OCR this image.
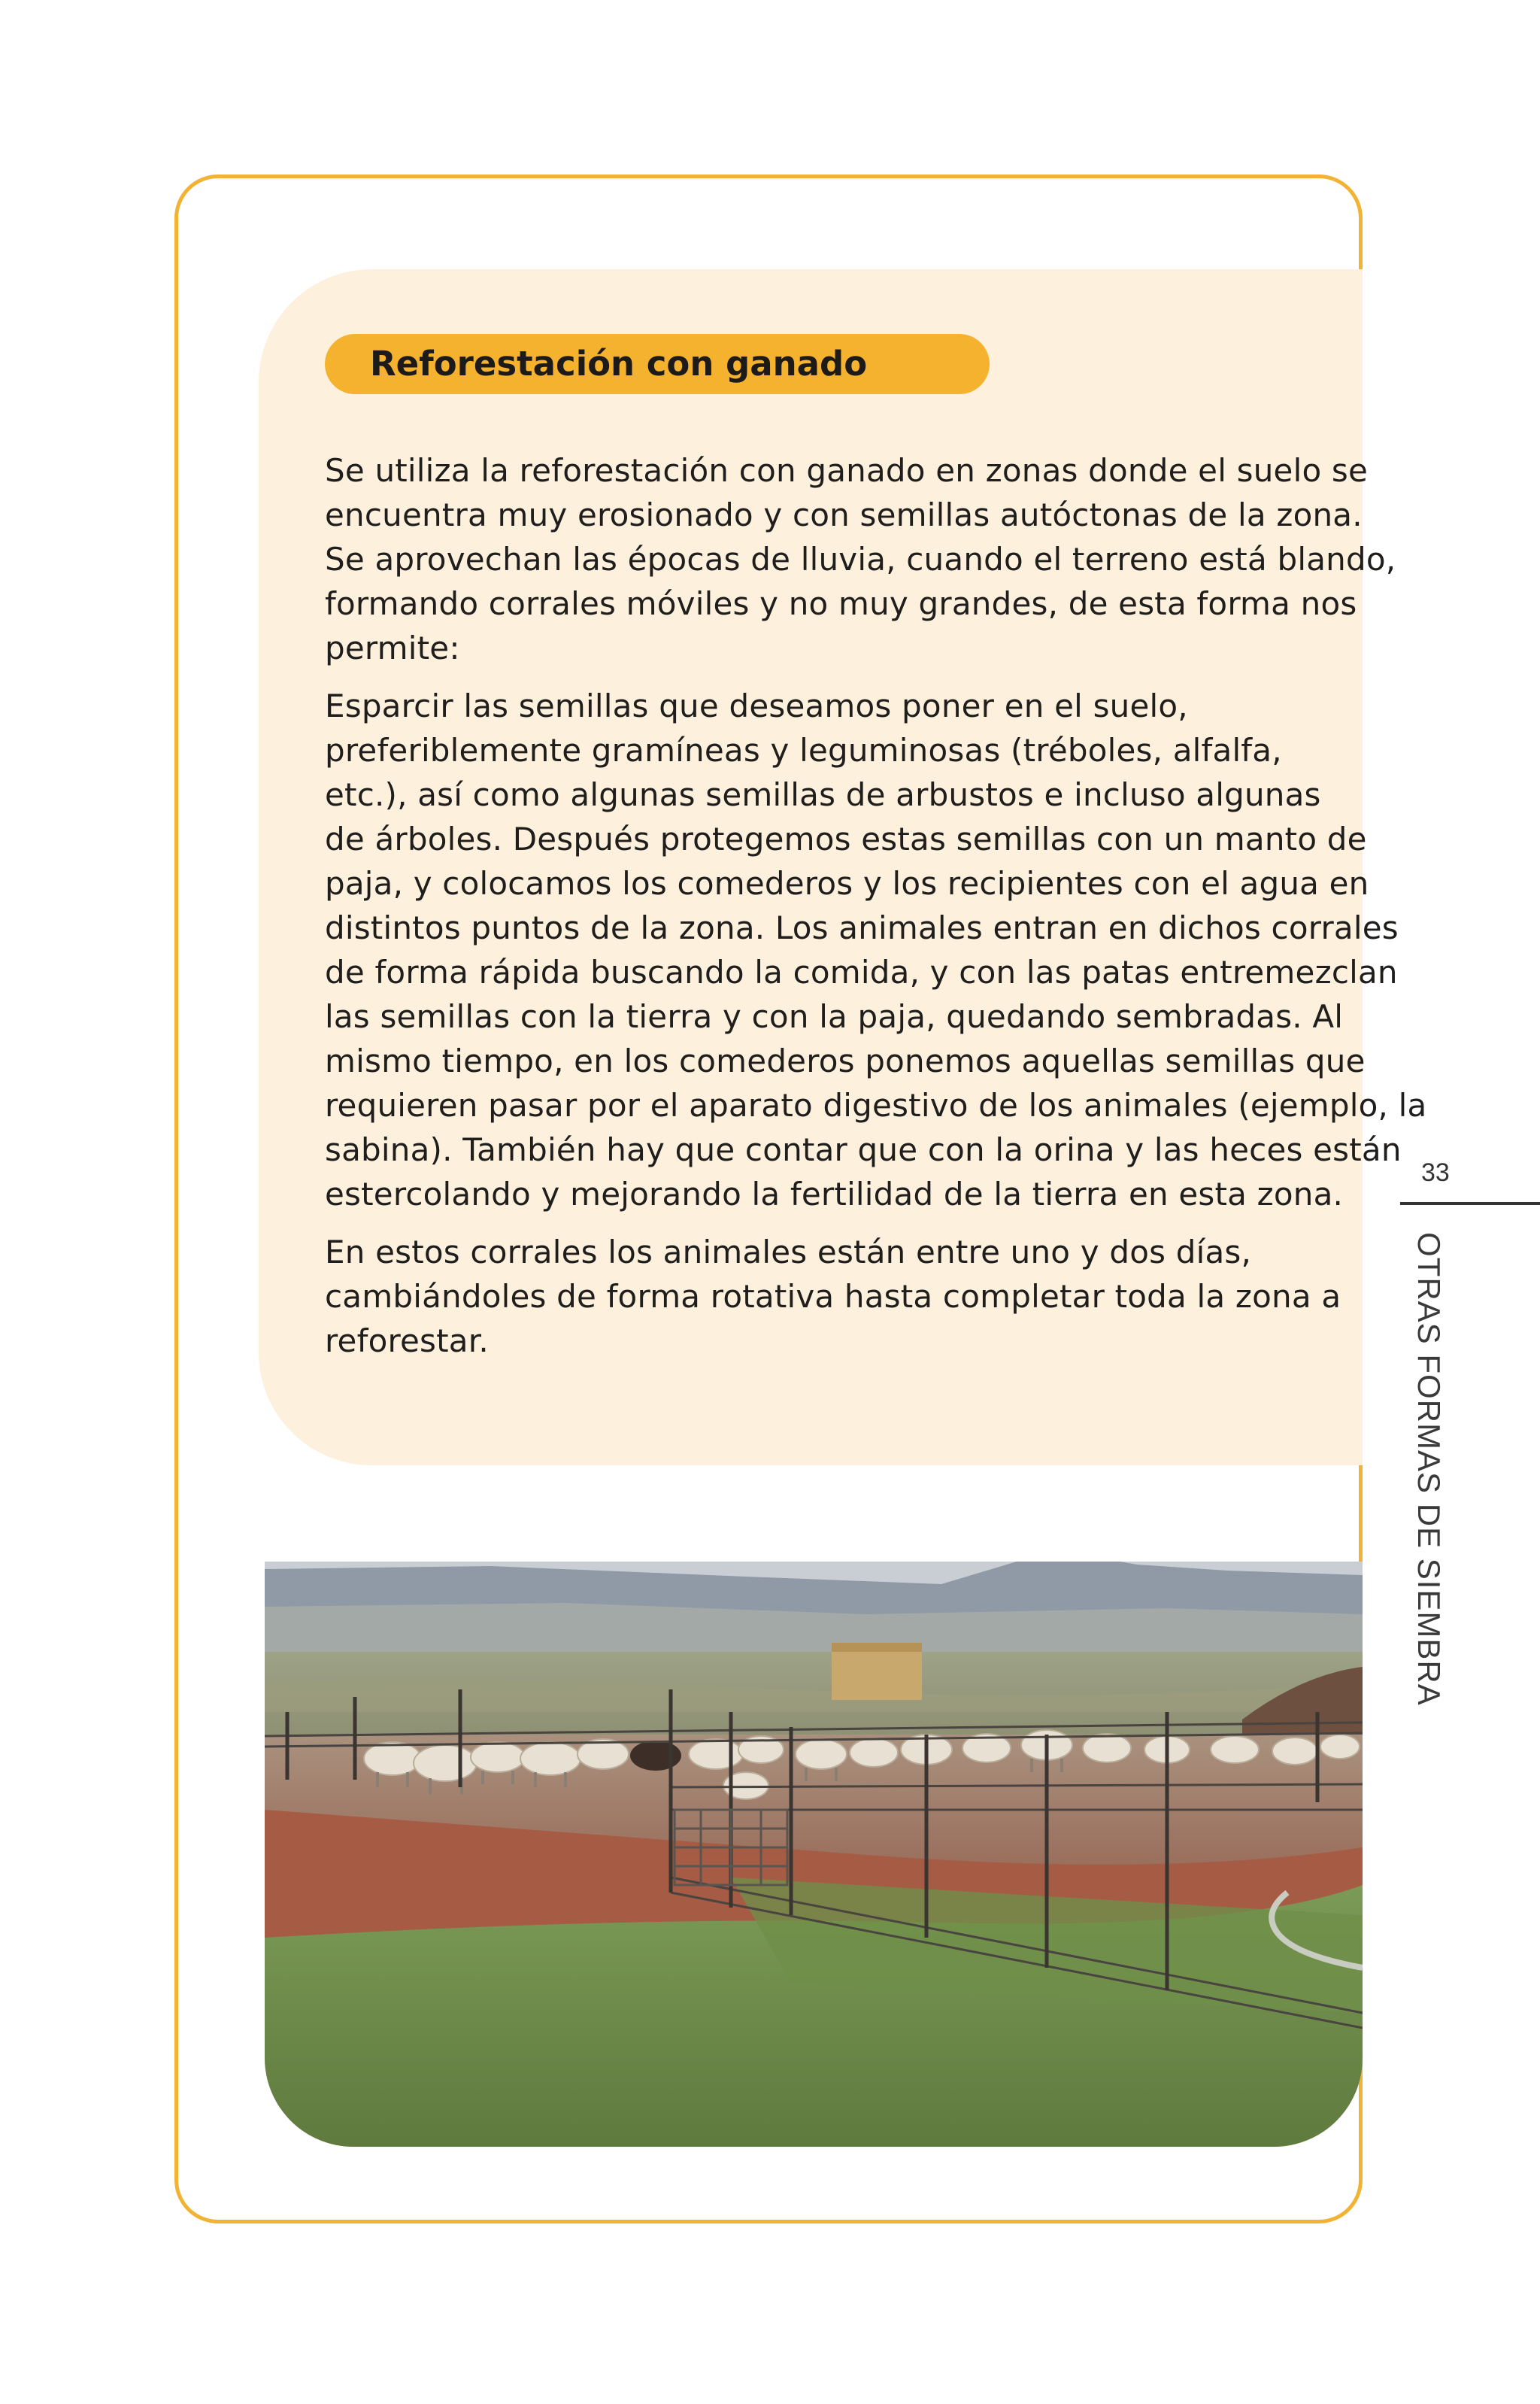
Reforestación con ganado

Se utiliza la reforestación con ganado en zonas donde el suelo se
encuentra muy erosionado y con semillas autóctonas de la zona.
Se aprovechan las épocas de lluvia, cuando el terreno está blando,
formando corrales móviles y no muy grandes, de esta forma nos
permite:

Esparcir las semillas que deseamos poner en el suelo,
preferiblemente gramíneas y leguminosas (tréboles, alfalfa,
etc.), así como algunas semillas de arbustos e incluso algunas
de árboles. Después protegemos estas semillas con un manto de
paja, y colocamos los comederos y los recipientes con el agua en
distintos puntos de la zona. Los animales entran en dichos corrales
de forma rápida buscando la comida, y con las patas entremezclan
las semillas con la tierra y con la paja, quedando sembradas. Al
mismo tiempo, en los comederos ponemos aquellas semillas que
requieren pasar por el aparato digestivo de los animales (ejemplo, la
sabina). También hay que contar que con la orina y las heces están
estercolando y mejorando la fertilidad de la tierra en esta zona.

En estos corrales los animales están entre uno y dos días,
cambiándoles de forma rotativa hasta completar toda la zona a
reforestar.

33
OTRAS FORMAS DE SIEMBRA
